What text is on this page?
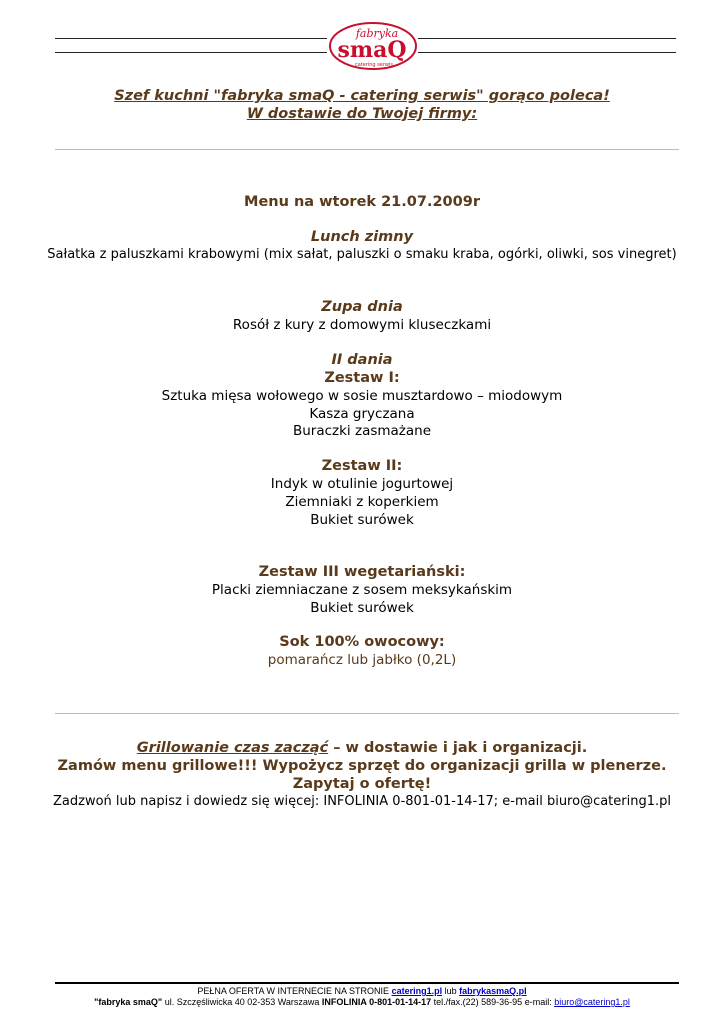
fabryka
smaQ
catering serwis
Szef kuchni "fabryka smaQ - catering serwis" gorąco poleca!
W dostawie do Twojej firmy:
Menu na wtorek 21.07.2009r
Lunch zimny
Sałatka z paluszkami krabowymi (mix sałat, paluszki o smaku kraba, ogórki, oliwki, sos vinegret)
Zupa dnia
Rosół z kury z domowymi kluseczkami
II dania
Zestaw I:
Sztuka mięsa wołowego w sosie musztardowo – miodowym
Kasza gryczana
Buraczki zasmażane
Zestaw II:
Indyk w otulinie jogurtowej
Ziemniaki z koperkiem
Bukiet surówek
Zestaw III wegetariański:
Placki ziemniaczane z sosem meksykańskim
Bukiet surówek
Sok 100% owocowy:
pomarańcz lub jabłko (0,2L)
Grillowanie czas zacząć – w dostawie i jak i organizacji.
Zamów menu grillowe!!! Wypożycz sprzęt do organizacji grilla w plenerze.
Zapytaj o ofertę!
Zadzwoń lub napisz i dowiedz się więcej: INFOLINIA 0-801-01-14-17; e-mail biuro@catering1.pl
PEŁNA OFERTA W INTERNECIE NA STRONIE catering1.pl lub fabrykasmaQ.pl
"fabryka smaQ" ul. Szczęśliwicka 40 02-353 Warszawa INFOLINIA 0-801-01-14-17 tel./fax.(22) 589-36-95 e-mail: biuro@catering1.pl
